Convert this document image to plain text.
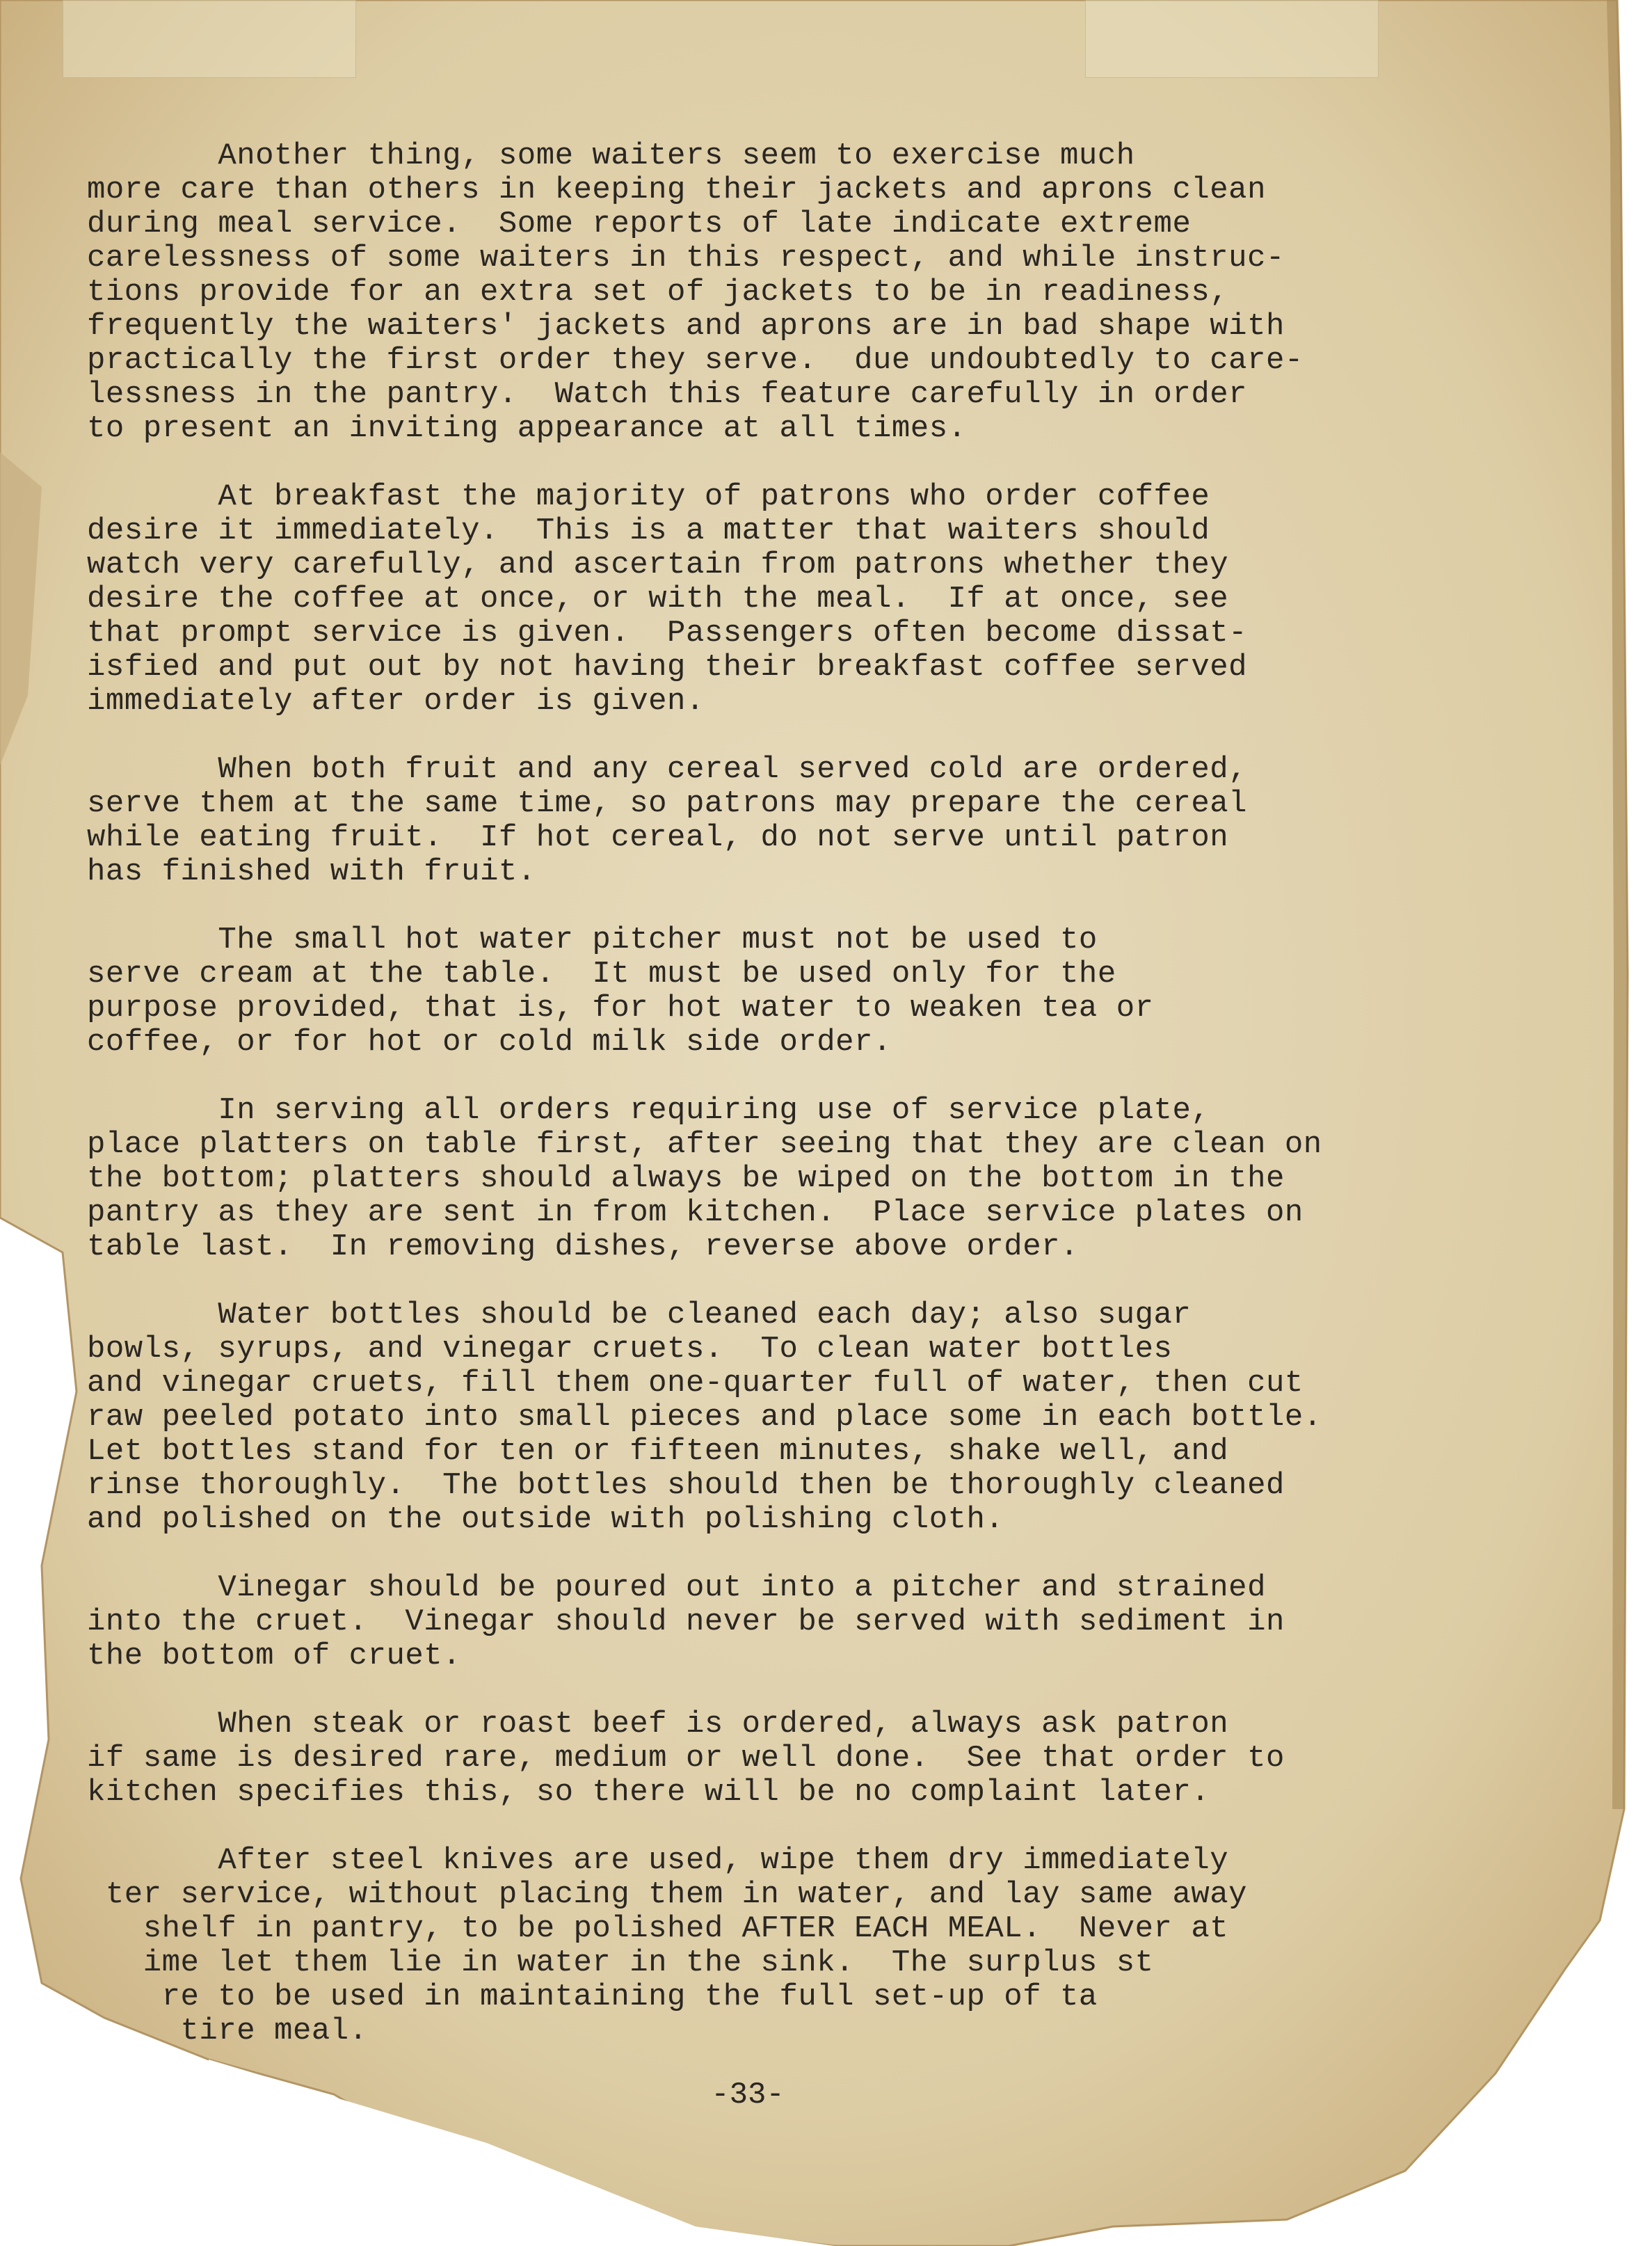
Another thing, some waiters seem to exercise much
more care than others in keeping their jackets and aprons clean
during meal service.  Some reports of late indicate extreme
carelessness of some waiters in this respect, and while instruc-
tions provide for an extra set of jackets to be in readiness,
frequently the waiters' jackets and aprons are in bad shape with
practically the first order they serve.  due undoubtedly to care-
lessness in the pantry.  Watch this feature carefully in order
to present an inviting appearance at all times.
At breakfast the majority of patrons who order coffee
desire it immediately.  This is a matter that waiters should
watch very carefully, and ascertain from patrons whether they
desire the coffee at once, or with the meal.  If at once, see
that prompt service is given.  Passengers often become dissat-
isfied and put out by not having their breakfast coffee served
immediately after order is given.
When both fruit and any cereal served cold are ordered,
serve them at the same time, so patrons may prepare the cereal
while eating fruit.  If hot cereal, do not serve until patron
has finished with fruit.
The small hot water pitcher must not be used to
serve cream at the table.  It must be used only for the
purpose provided, that is, for hot water to weaken tea or
coffee, or for hot or cold milk side order.
In serving all orders requiring use of service plate,
place platters on table first, after seeing that they are clean on
the bottom; platters should always be wiped on the bottom in the
pantry as they are sent in from kitchen.  Place service plates on
table last.  In removing dishes, reverse above order.
Water bottles should be cleaned each day; also sugar
bowls, syrups, and vinegar cruets.  To clean water bottles
and vinegar cruets, fill them one-quarter full of water, then cut
raw peeled potato into small pieces and place some in each bottle.
Let bottles stand for ten or fifteen minutes, shake well, and
rinse thoroughly.  The bottles should then be thoroughly cleaned
and polished on the outside with polishing cloth.
Vinegar should be poured out into a pitcher and strained
into the cruet.  Vinegar should never be served with sediment in
the bottom of cruet.
When steak or roast beef is ordered, always ask patron
if same is desired rare, medium or well done.  See that order to
kitchen specifies this, so there will be no complaint later.
After steel knives are used, wipe them dry immediately
ter service, without placing them in water, and lay same away
shelf in pantry, to be polished AFTER EACH MEAL.  Never at
ime let them lie in water in the sink.  The surplus st
re to be used in maintaining the full set-up of ta
tire meal.
-33-
